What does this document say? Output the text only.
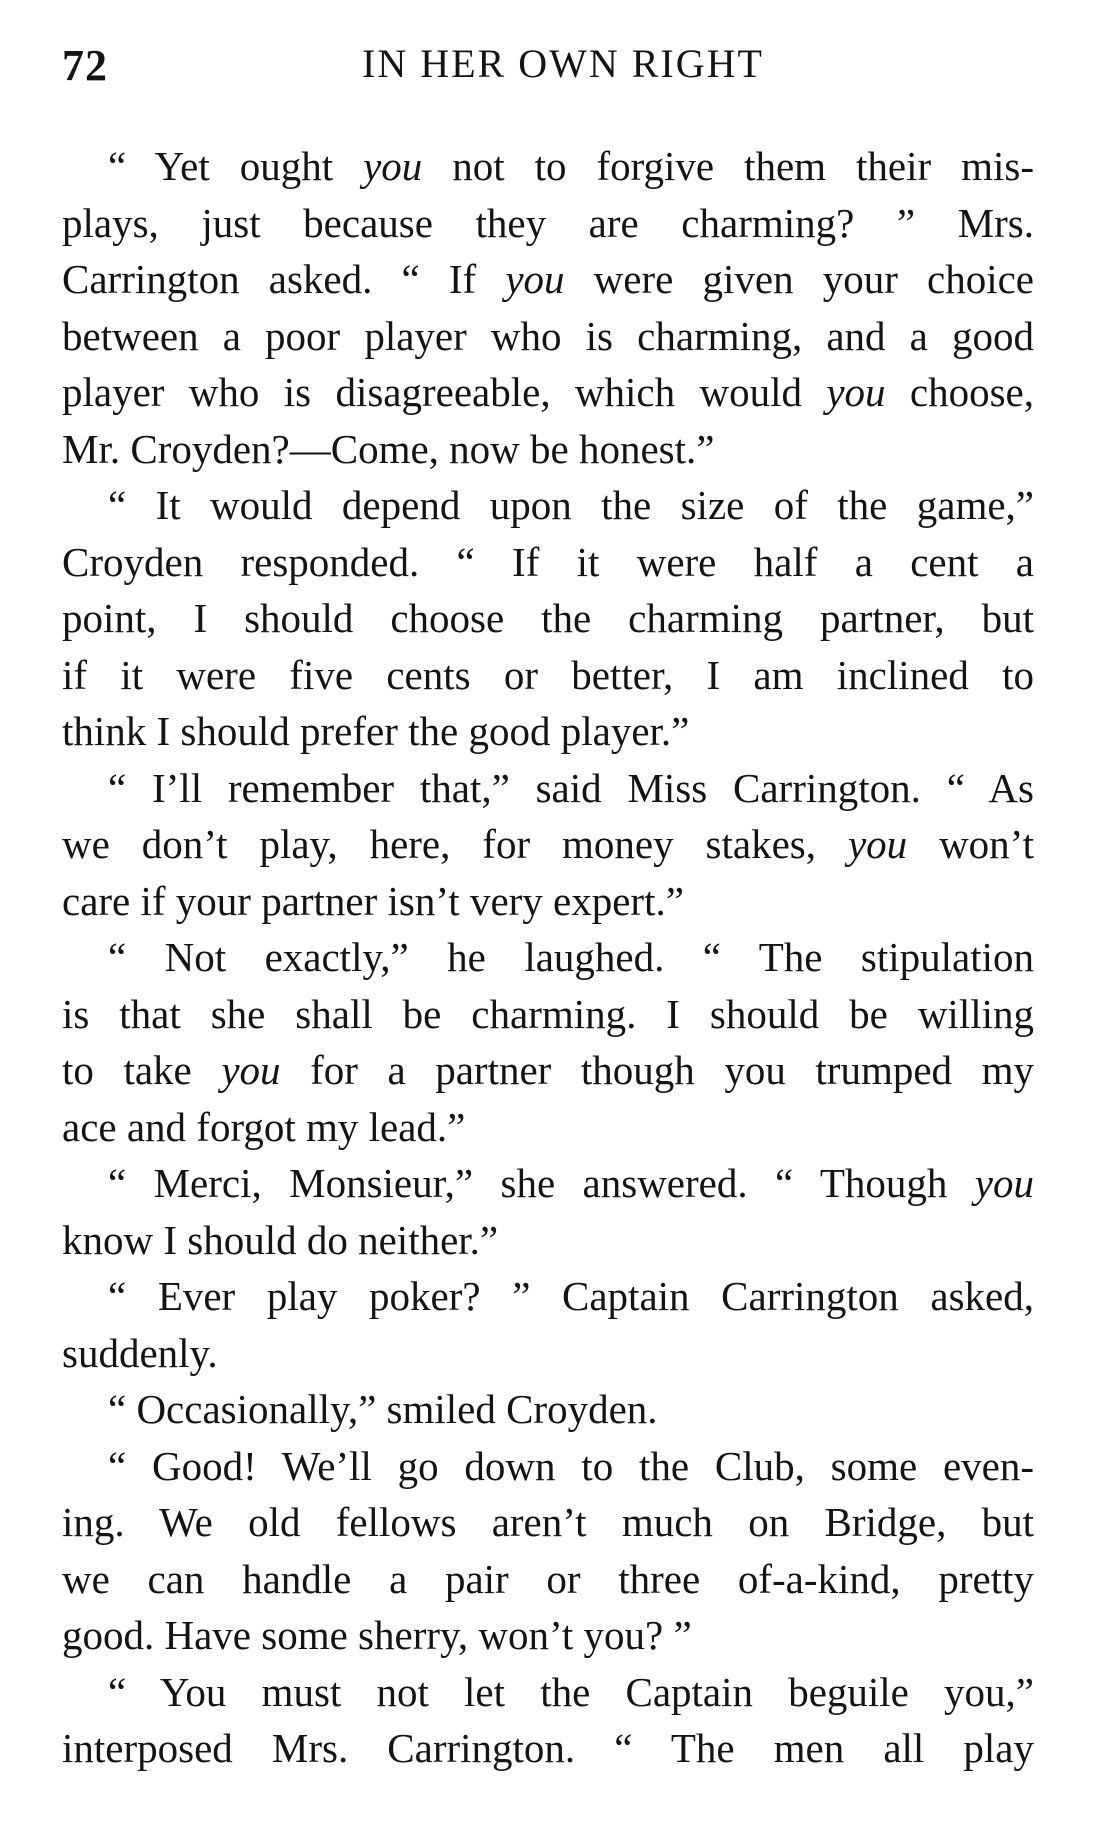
72	IN HER OWN RIGHT
“ Yet ought you not to forgive them their mis-
plays, just because they are charming? ” Mrs.
Carrington asked. “ If you were given your choice
between a poor player who is charming, and a good
player who is disagreeable, which would you choose,
Mr. Croyden?—Come, now be honest.”
“ It would depend upon the size of the game,”
Croyden responded. “ If it were half a cent a
point, I should choose the charming partner, but
if it were five cents or better, I am inclined to
think I should prefer the good player.”
“ I’ll remember that,” said Miss Carrington. “ As
we don’t play, here, for money stakes, you won’t
care if your partner isn’t very expert.”
“ Not exactly,” he laughed. “ The stipulation
is that she shall be charming. I should be willing
to take you for a partner though you trumped my
ace and forgot my lead.”
“ Merci, Monsieur,” she answered. “ Though you
know I should do neither.”
“ Ever play poker? ” Captain Carrington asked,
suddenly.
“ Occasionally,” smiled Croyden.
“ Good! We’ll go down to the Club, some even-
ing. We old fellows aren’t much on Bridge, but
we can handle a pair or three of-a-kind, pretty
good. Have some sherry, won’t you? ”
“ You must not let the Captain beguile you,”
interposed Mrs. Carrington. “ The men all play
